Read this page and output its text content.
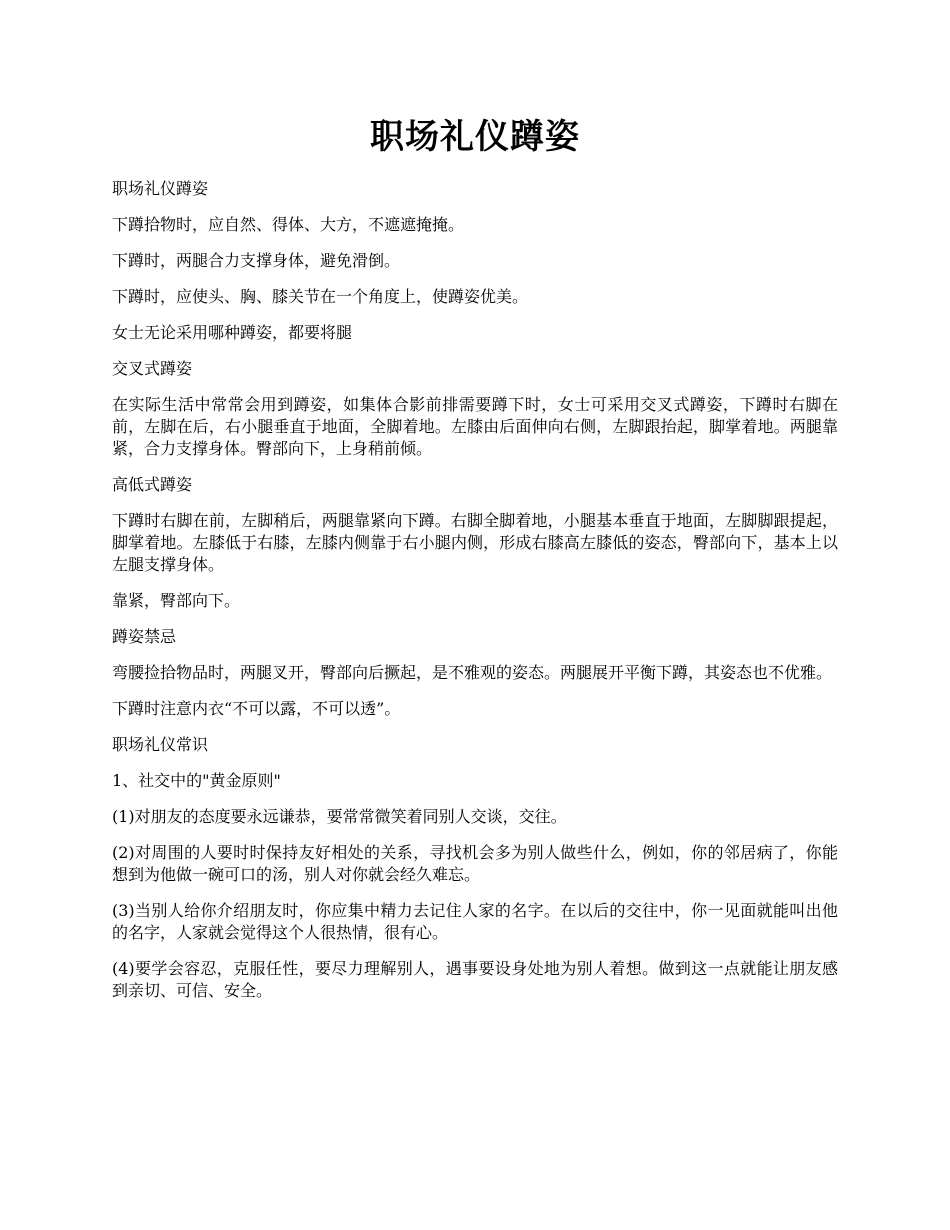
职场礼仪蹲姿

职场礼仪蹲姿

下蹲拾物时，应自然、得体、大方，不遮遮掩掩。

下蹲时，两腿合力支撑身体，避免滑倒。

下蹲时，应使头、胸、膝关节在一个角度上，使蹲姿优美。

女士无论采用哪种蹲姿，都要将腿

交叉式蹲姿

在实际生活中常常会用到蹲姿，如集体合影前排需要蹲下时，女士可采用交叉式蹲姿，下蹲时右脚在前，左脚在后，右小腿垂直于地面，全脚着地。左膝由后面伸向右侧，左脚跟抬起，脚掌着地。两腿靠紧，合力支撑身体。臀部向下，上身稍前倾。

高低式蹲姿

下蹲时右脚在前，左脚稍后，两腿靠紧向下蹲。右脚全脚着地，小腿基本垂直于地面，左脚脚跟提起，脚掌着地。左膝低于右膝，左膝内侧靠于右小腿内侧，形成右膝高左膝低的姿态，臀部向下，基本上以左腿支撑身体。

靠紧，臀部向下。

蹲姿禁忌

弯腰捡拾物品时，两腿叉开，臀部向后撅起，是不雅观的姿态。两腿展开平衡下蹲，其姿态也不优雅。

下蹲时注意内衣“不可以露，不可以透”。

职场礼仪常识

1、社交中的"黄金原则"

(1)对朋友的态度要永远谦恭，要常常微笑着同别人交谈，交往。

(2)对周围的人要时时保持友好相处的关系，寻找机会多为别人做些什么，例如，你的邻居病了，你能想到为他做一碗可口的汤，别人对你就会经久难忘。

(3)当别人给你介绍朋友时，你应集中精力去记住人家的名字。在以后的交往中，你一见面就能叫出他的名字，人家就会觉得这个人很热情，很有心。

(4)要学会容忍，克服任性，要尽力理解别人，遇事要设身处地为别人着想。做到这一点就能让朋友感到亲切、可信、安全。
